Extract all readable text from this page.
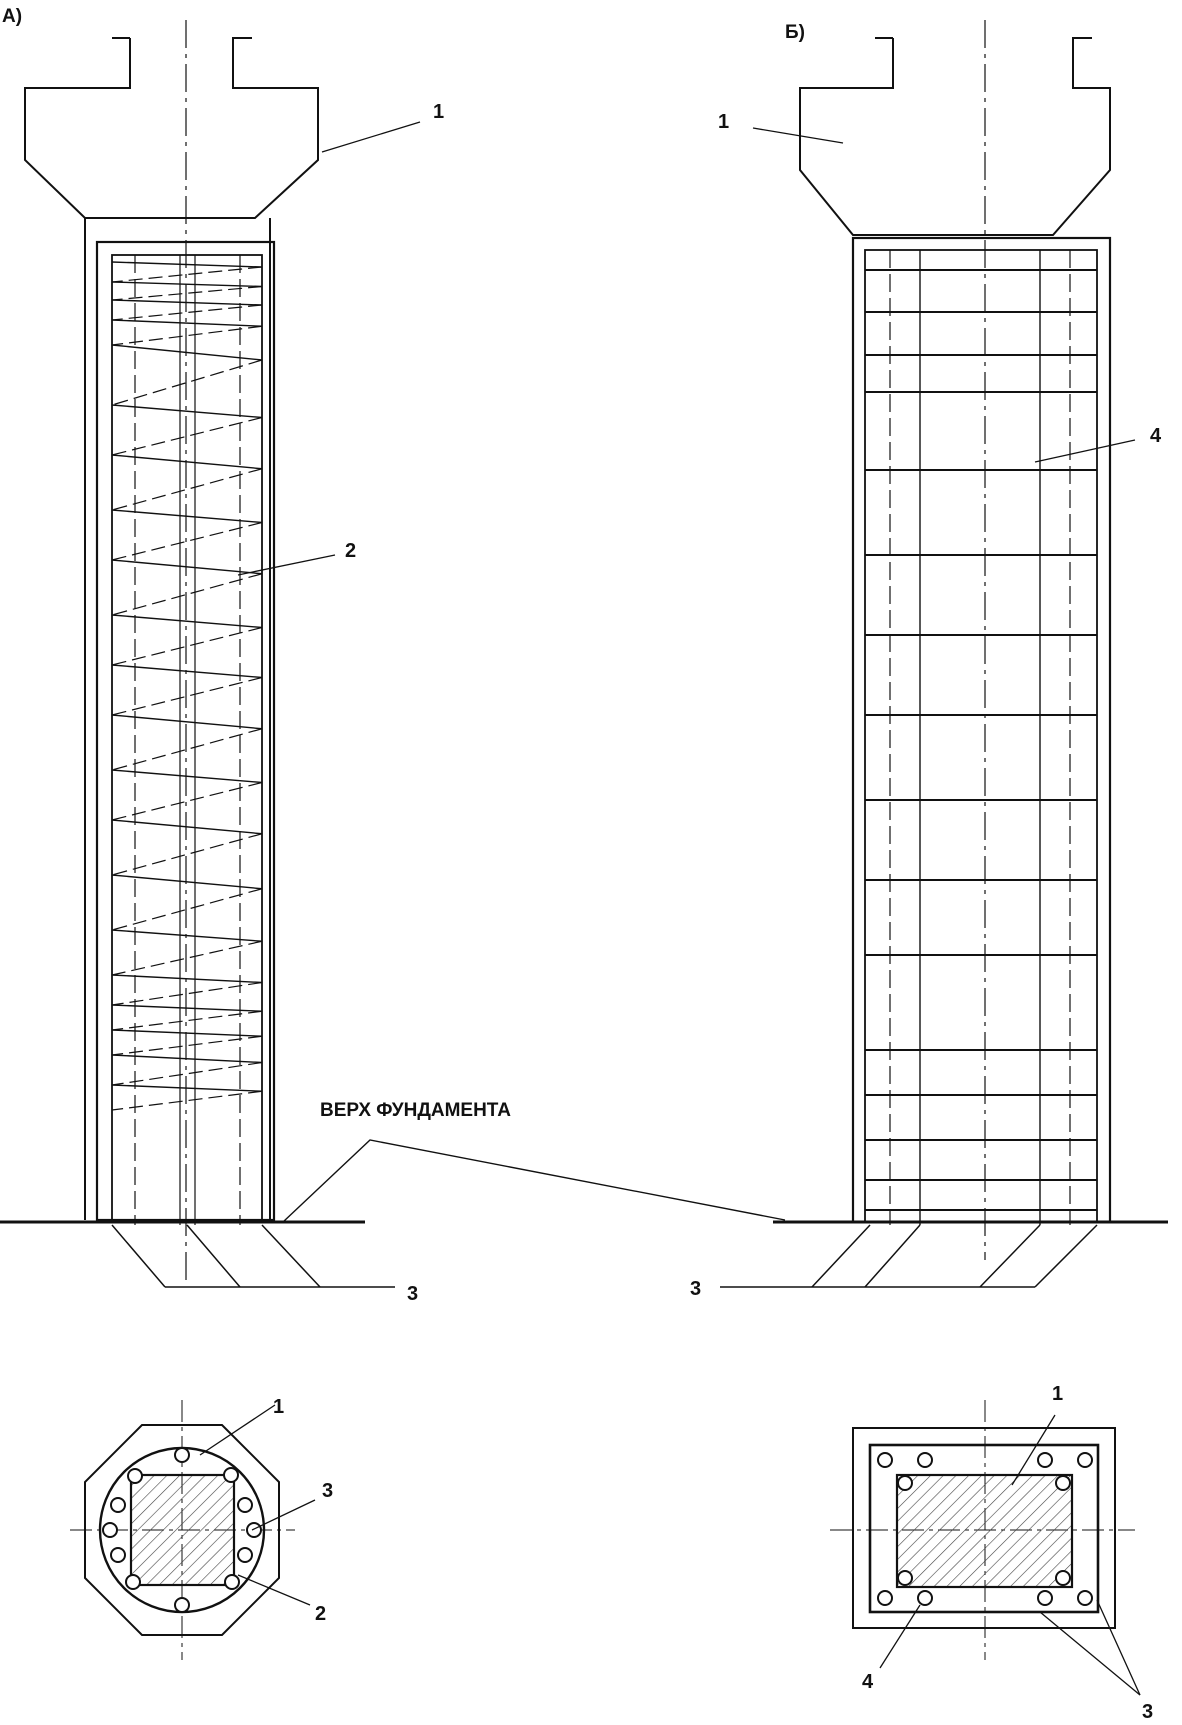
А)
Б)
ВЕРХ ФУНДАМЕНТА
1
2
3
1
4
3
1
3
2
1
4
3
